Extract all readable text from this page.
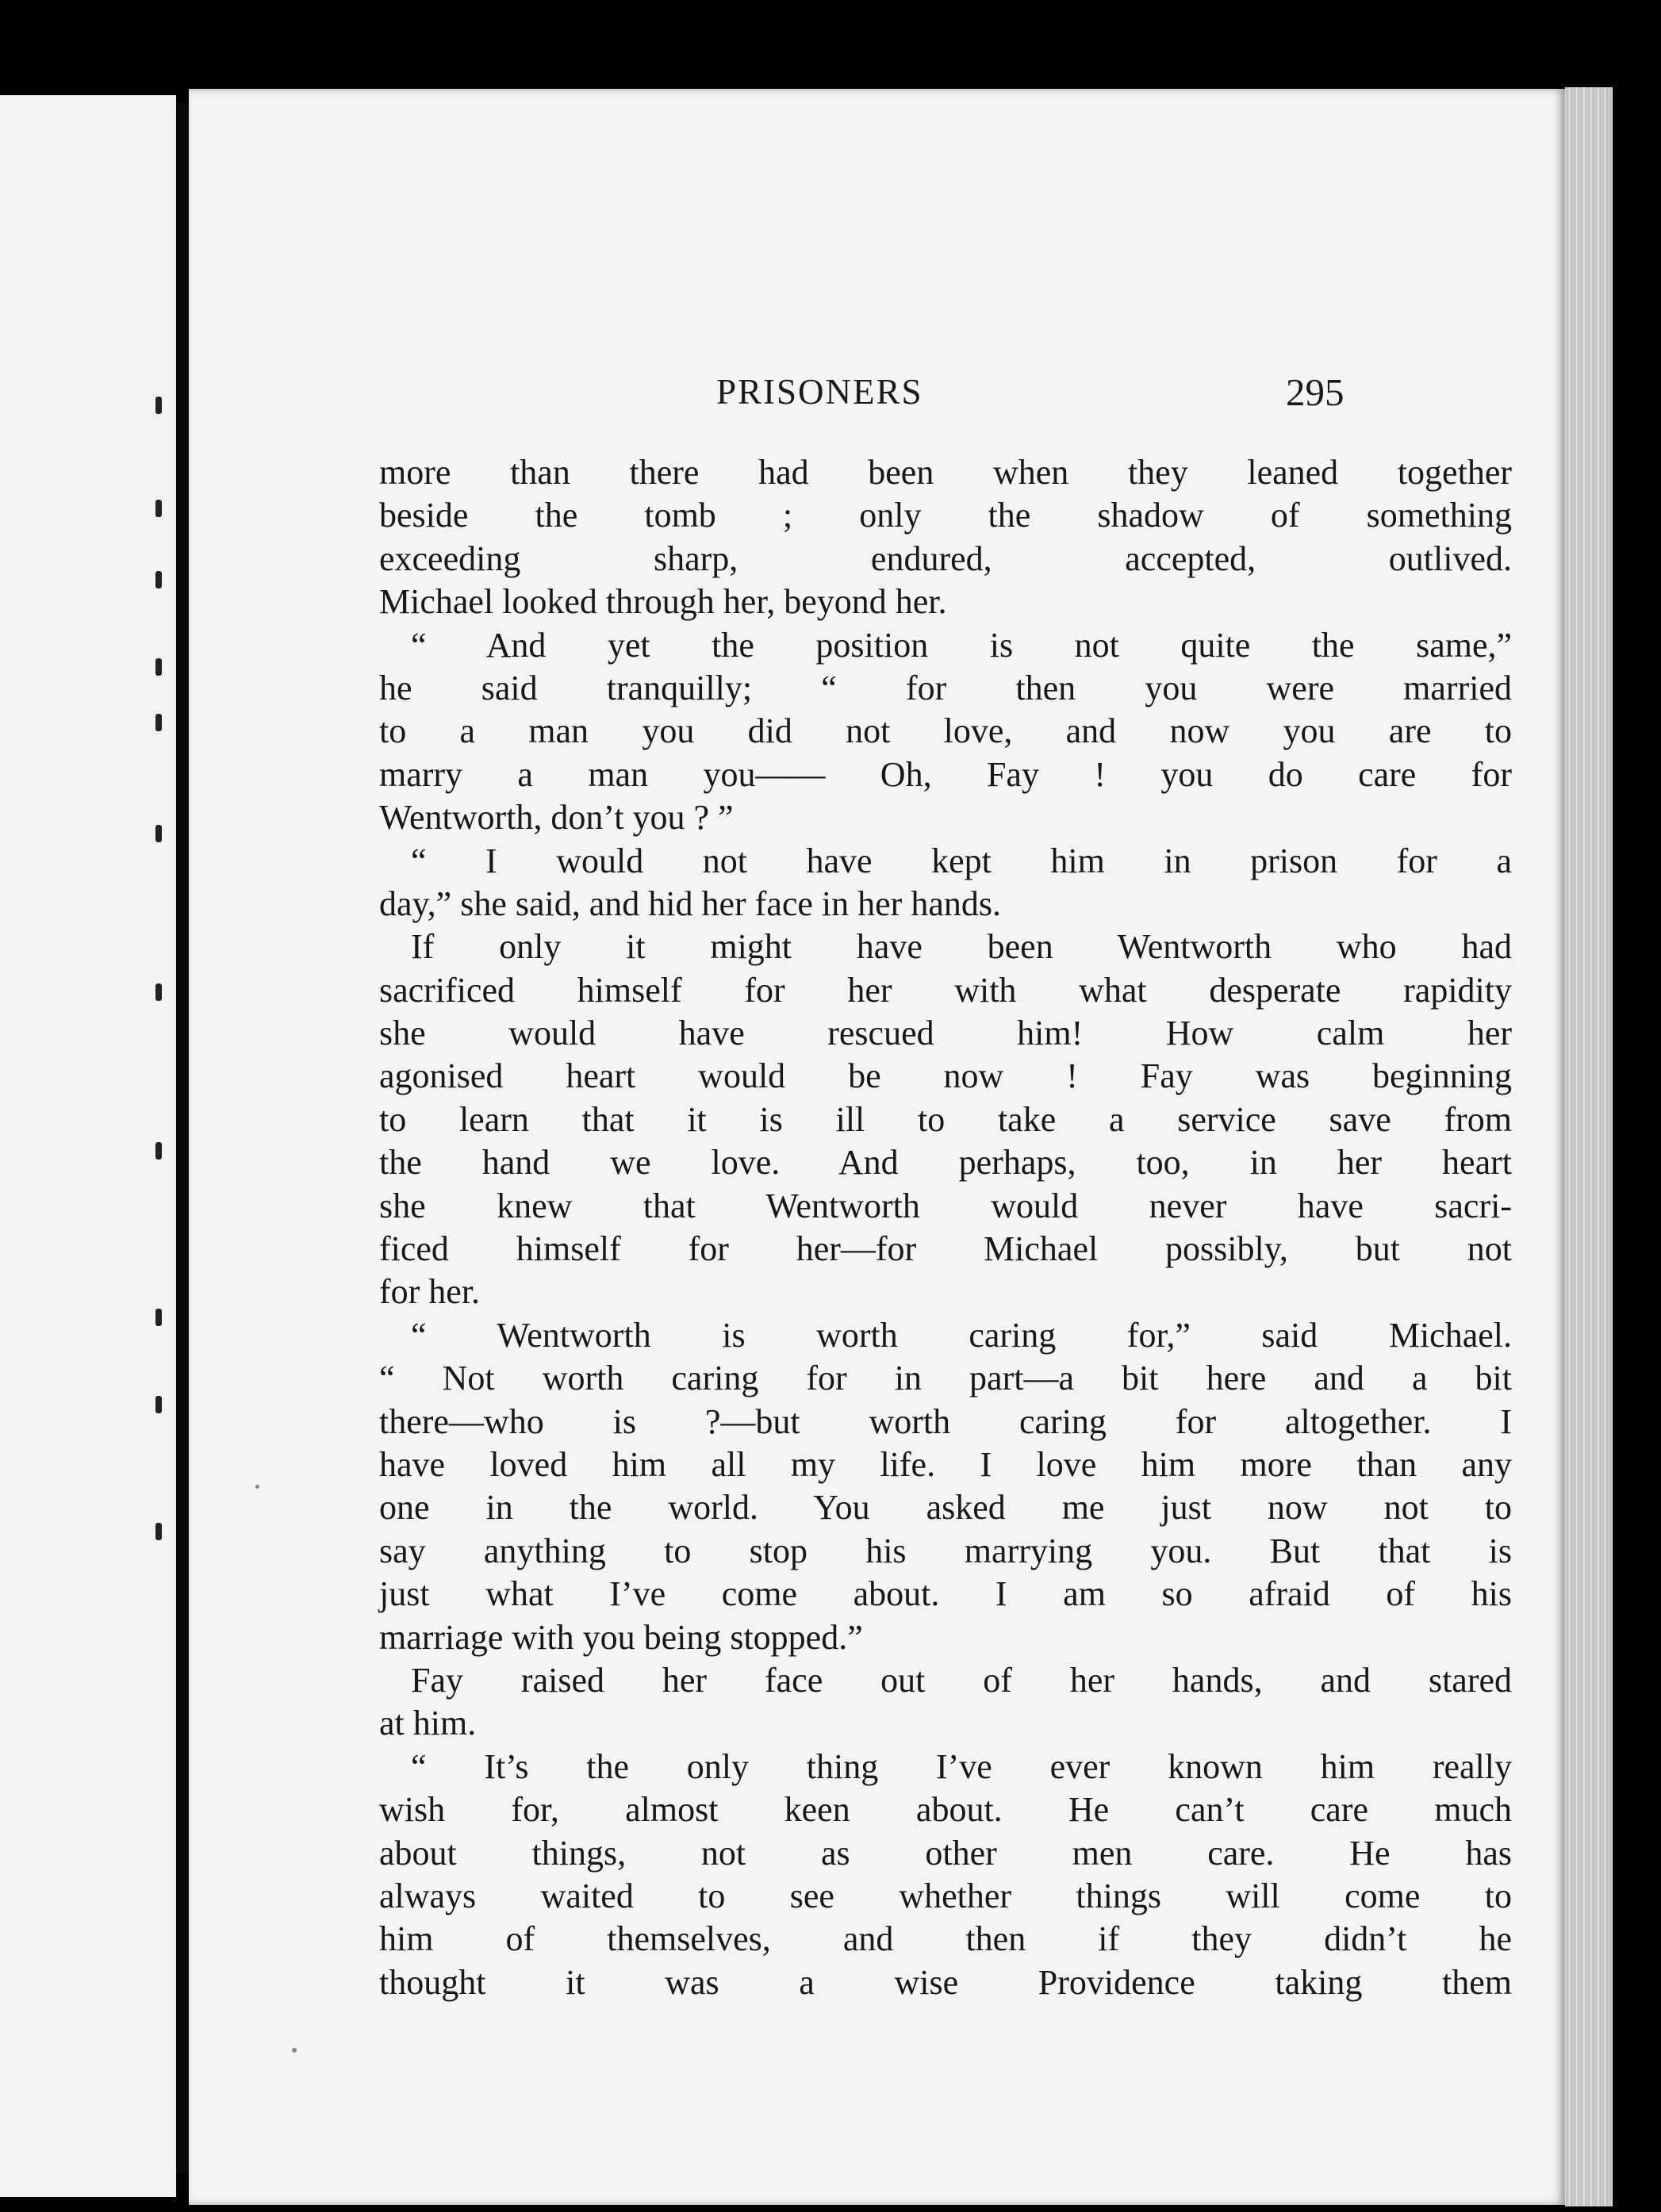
PRISONERS	295
more than there had been when they leaned together
beside the tomb ; only the shadow of something
exceeding sharp, endured, accepted, outlived.
Michael looked through her, beyond her.
“ And yet the position is not quite the same,”
he said tranquilly; “ for then you were married
to a man you did not love, and now you are to
marry a man you—— Oh, Fay ! you do care for
Wentworth, don’t you ? ”
“ I would not have kept him in prison for a
day,” she said, and hid her face in her hands.
If only it might have been Wentworth who had
sacrificed himself for her with what desperate rapidity
she would have rescued him! How calm her
agonised heart would be now ! Fay was beginning
to learn that it is ill to take a service save from
the hand we love. And perhaps, too, in her heart
she knew that Wentworth would never have sacri-
ficed himself for her—for Michael possibly, but not
for her.
“ Wentworth is worth caring for,” said Michael.
“ Not worth caring for in part—a bit here and a bit
there—who is ?—but worth caring for altogether. I
have loved him all my life. I love him more than any
one in the world. You asked me just now not to
say anything to stop his marrying you. But that is
just what I’ve come about. I am so afraid of his
marriage with you being stopped.”
Fay raised her face out of her hands, and stared
at him.
“ It’s the only thing I’ve ever known him really
wish for, almost keen about. He can’t care much
about things, not as other men care. He has
always waited to see whether things will come to
him of themselves, and then if they didn’t he
thought it was a wise Providence taking them
